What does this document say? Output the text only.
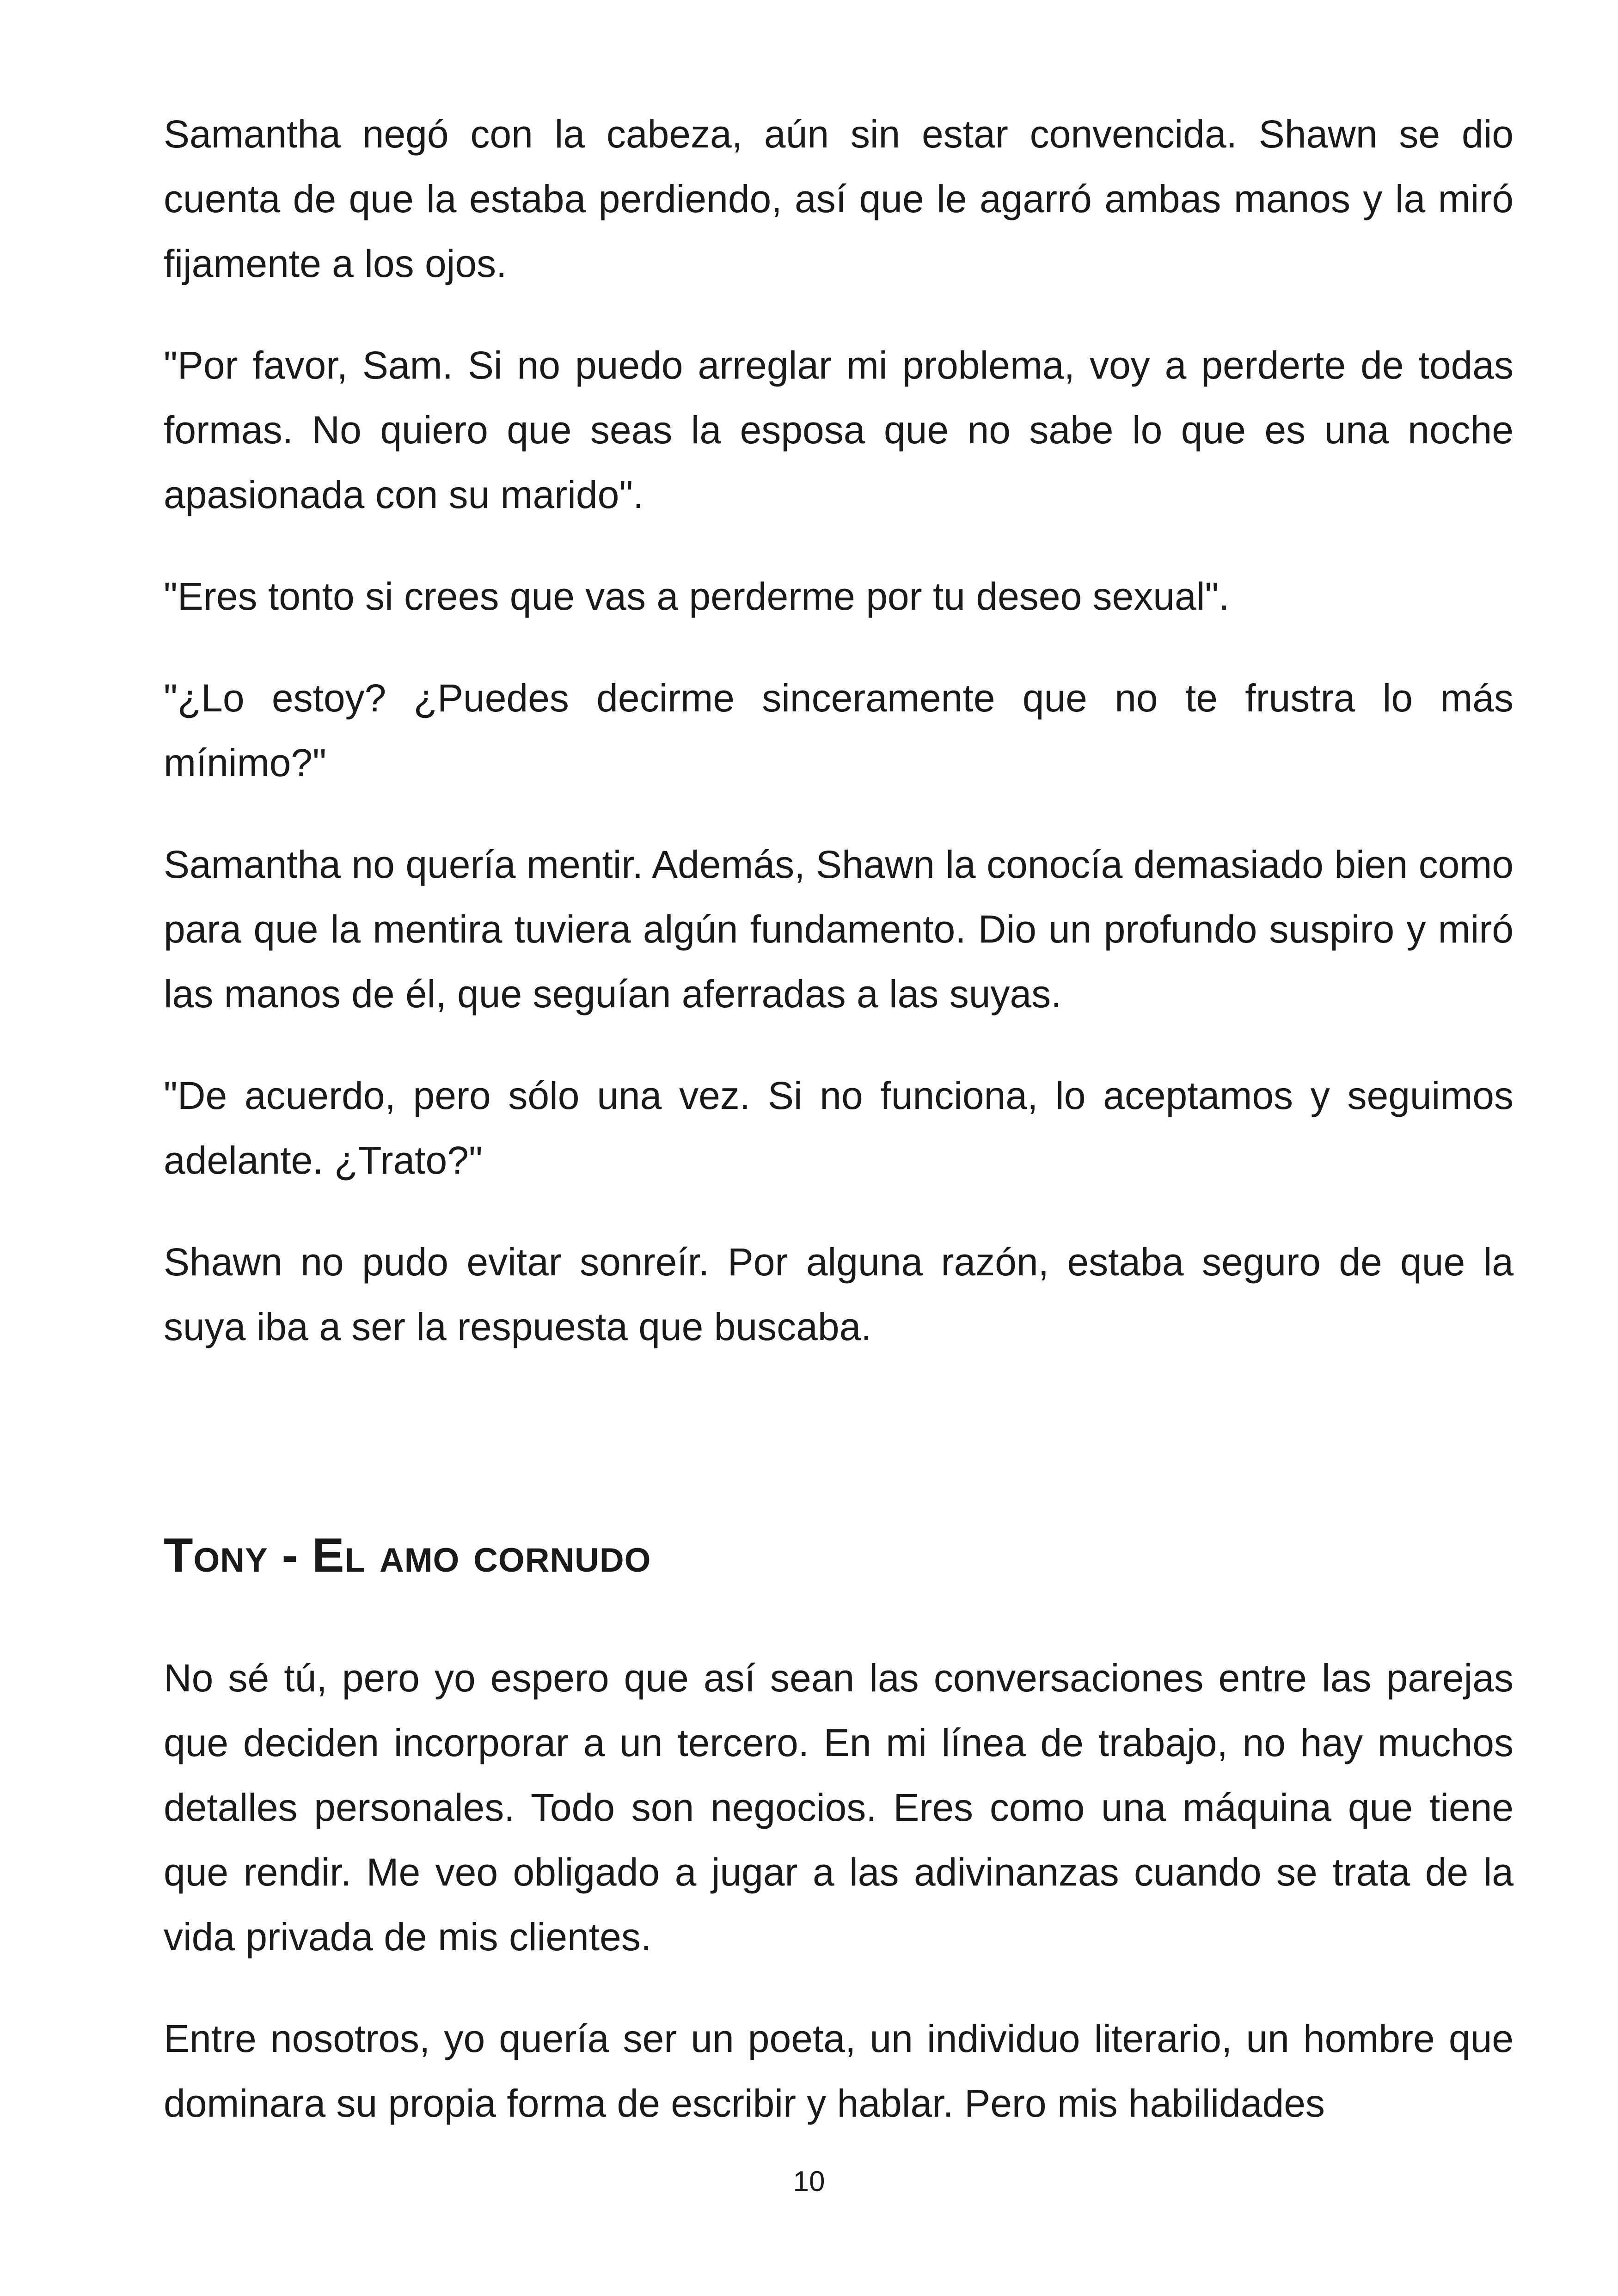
Samantha negó con la cabeza, aún sin estar convencida. Shawn se dio cuenta de que la estaba perdiendo, así que le agarró ambas manos y la miró fijamente a los ojos.

"Por favor, Sam. Si no puedo arreglar mi problema, voy a perderte de todas formas. No quiero que seas la esposa que no sabe lo que es una noche apasionada con su marido".

"Eres tonto si crees que vas a perderme por tu deseo sexual".

"¿Lo estoy? ¿Puedes decirme sinceramente que no te frustra lo más mínimo?"

Samantha no quería mentir. Además, Shawn la conocía demasiado bien como para que la mentira tuviera algún fundamento. Dio un profundo suspiro y miró las manos de él, que seguían aferradas a las suyas.

"De acuerdo, pero sólo una vez. Si no funciona, lo aceptamos y seguimos adelante. ¿Trato?"

Shawn no pudo evitar sonreír. Por alguna razón, estaba seguro de que la suya iba a ser la respuesta que buscaba.

Tony - El amo cornudo

No sé tú, pero yo espero que así sean las conversaciones entre las parejas que deciden incorporar a un tercero. En mi línea de trabajo, no hay muchos detalles personales. Todo son negocios. Eres como una máquina que tiene que rendir. Me veo obligado a jugar a las adivinanzas cuando se trata de la vida privada de mis clientes.

Entre nosotros, yo quería ser un poeta, un individuo literario, un hombre que dominara su propia forma de escribir y hablar. Pero mis habilidades

10
